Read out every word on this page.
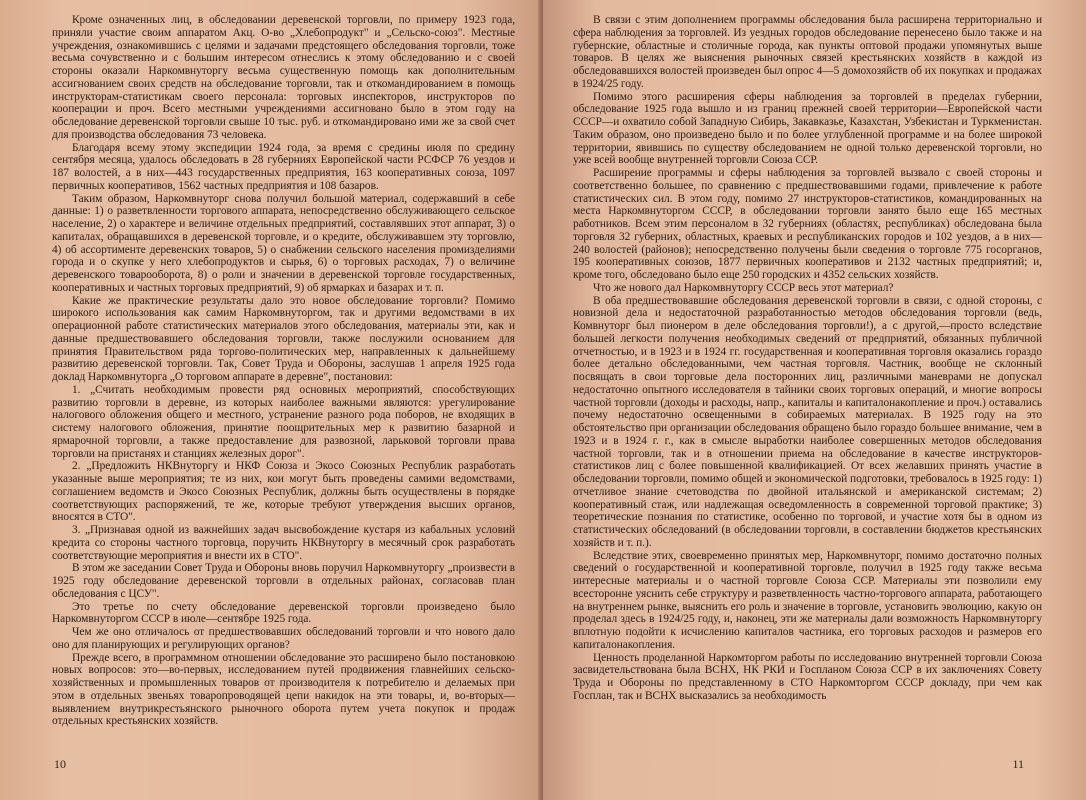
Кроме означенных лиц, в обследовании деревенской торговли, по примеру 1923 года, приняли участие своим аппаратом Акц. О-во „Хлебопродукт" и „Сельско-союз". Местные учреждения, ознакомившись с целями и задачами предстоящего обследования торговли, тоже весьма сочувственно и с большим интересом отнеслись к этому обследованию и с своей стороны оказали Наркомвнуторгу весьма существенную помощь как дополнительным ассигнованием своих средств на обследование торговли, так и откомандированием в помощь инструкторам-статистикам своего персонала: торговых инспекторов, инструкторов по кооперации и проч. Всего местными учреждениями ассигновано было в этом году на обследование деревенской торговли свыше 10 тыс. руб. и откомандировано ими же за свой счет для производства обследования 73 человека.

Благодаря всему этому экспедиции 1924 года, за время с средины июля по средину сентября месяца, удалось обследовать в 28 губерниях Европейской части РСФСР 76 уездов и 187 волостей, а в них—443 государственных предприятия, 163 кооперативных союза, 1097 первичных кооперативов, 1562 частных предприятия и 108 базаров.

Таким образом, Наркомвнуторг снова получил большой материал, содержавший в себе данные: 1) о разветвленности торгового аппарата, непосредственно обслуживающего сельское население, 2) о характере и величине отдельных предприятий, составлявших этот аппарат, 3) о капиталах, обращавшихся в деревенской торговле, и о кредите, обслуживавшем эту торговлю, 4) об ассортименте деревенских товаров, 5) о снабжении сельского населения промизделиями города и о скупке у него хлебопродуктов и сырья, 6) о торговых расходах, 7) о величине деревенского товарооборота, 8) о роли и значении в деревенской торговле государственных, кооперативных и частных торговых предприятий, 9) об ярмарках и базарах и т. п.

Какие же практические результаты дало это новое обследование торговли? Помимо широкого использования как самим Наркомвнуторгом, так и другими ведомствами в их операционной работе статистических материалов этого обследования, материалы эти, как и данные предшествовавшего обследования торговли, также послужили основанием для принятия Правительством ряда торгово-политических мер, направленных к дальнейшему развитию деревенской торговли. Так, Совет Труда и Обороны, заслушав 1 апреля 1925 года доклад Наркомвнуторга „О торговом аппарате в деревне", постановил:

1. „Считать необходимым провести ряд основных мероприятий, способствующих развитию торговли в деревне, из которых наиболее важными являются: урегулирование налогового обложения общего и местного, устранение разного рода поборов, не входящих в систему налогового обложения, принятие поощрительных мер к развитию базарной и ярмарочной торговли, а также предоставление для развозной, ларьковой торговли права торговли на пристанях и станциях железных дорог".

2. „Предложить НКВнуторгу и НКФ Союза и Экосо Союзных Республик разработать указанные выше мероприятия; те из них, кои могут быть проведены самими ведомствами, соглашением ведомств и Экосо Союзных Республик, должны быть осуществлены в порядке соответствующих распоряжений, те же, которые требуют утверждения высших органов, вносятся в СТО".

3. „Признавая одной из важнейших задач высвобождение кустаря из кабальных условий кредита со стороны частного торговца, поручить НКВнуторгу в месячный срок разработать соответствующие мероприятия и внести их в СТО".

В этом же заседании Совет Труда и Обороны вновь поручил Наркомвнуторгу „произвести в 1925 году обследование деревенской торговли в отдельных районах, согласовав план обследования с ЦСУ".

Это третье по счету обследование деревенской торговли произведено было Наркомвнуторгом СССР в июле—сентябре 1925 года.

Чем же оно отличалось от предшествовавших обследований торговли и что нового дало оно для планирующих и регулирующих органов?

Прежде всего, в программном отношении обследование это расширено было постановкою новых вопросов: это—во-первых, исследованием путей продвижения главнейших сельско-хозяйственных и промышленных товаров от производителя к потребителю и делаемых при этом в отдельных звеньях товаропроводящей цепи накидок на эти товары, и, во-вторых—выявлением внутрикрестьянского рыночного оборота путем учета покупок и продаж отдельных крестьянских хозяйств.

10

В связи с этим дополнением программы обследования была расширена территориально и сфера наблюдения за торговлей. Из уездных городов обследование перенесено было также и на губернские, областные и столичные города, как пункты оптовой продажи упомянутых выше товаров. В целях же выяснения рыночных связей крестьянских хозяйств в каждой из обследовавшихся волостей произведен был опрос 4—5 домохозяйств об их покупках и продажах в 1924/25 году.

Помимо этого расширения сферы наблюдения за торговлей в пределах губернии, обследование 1925 года вышло и из границ прежней своей территории—Европейской части СССР—и охватило собой Западную Сибирь, Закавказье, Казахстан, Узбекистан и Туркменистан. Таким образом, оно произведено было и по более углубленной программе и на более широкой территории, явившись по существу обследованием не одной только деревенской торговли, но уже всей вообще внутренней торговли Союза ССР.

Расширение программы и сферы наблюдения за торговлей вызвало с своей стороны и соответственно большее, по сравнению с предшествовавшими годами, привлечение к работе статистических сил. В этом году, помимо 27 инструкторов-статистиков, командированных на места Наркомвнуторгом СССР, в обследовании торговли занято было еще 165 местных работников. Всем этим персоналом в 32 губерниях (областях, республиках) обследована была торговля 32 губерних, областных, краевых и республиканских городов и 102 уездов, а в них—240 волостей (районов); непосредственно получены были сведения о торговле 775 госорганов, 195 кооперативных союзов, 1877 первичных кооперативов и 2132 частных предприятий; и, кроме того, обследовано было еще 250 городских и 4352 сельских хозяйств.

Что же нового дал Наркомвнуторгу СССР весь этот материал?

В оба предшествовавшие обследования деревенской торговли в связи, с одной стороны, с новизной дела и недостаточной разработанностью методов обследования торговли (ведь, Комвнуторг был пионером в деле обследования торговли!), а с другой,—просто вследствие большей легкости получения необходимых сведений от предприятий, обязанных публичной отчетностью, и в 1923 и в 1924 гг. государственная и кооперативная торговля оказались гораздо более детально обследованными, чем частная торговля. Частник, вообще не склонный посвящать в свои торговые дела посторонних лиц, различными маневрами не допускал недостаточно опытного исследователя в тайники своих торговых операций, и многие вопросы частной торговли (доходы и расходы, напр., капиталы и капиталонакопление и проч.) оставались почему недостаточно освещенными в собираемых материалах. В 1925 году на это обстоятельство при организации обследования обращено было гораздо большее внимание, чем в 1923 и в 1924 г. г., как в смысле выработки наиболее совершенных методов обследования частной торговли, так и в отношении приема на обследование в качестве инструкторов-статистиков лиц с более повышенной квалификацией. От всех желавших принять участие в обследовании торговли, помимо общей и экономической подготовки, требовалось в 1925 году: 1) отчетливое знание счетоводства по двойной итальянской и американской системам; 2) кооперативный стаж, или надлежащая осведомленность в современной торговой практике; 3) теоретические познания по статистике, особенно по торговой, и участие хотя бы в одном из статистических обследований (в обследовании торговли, в составлении бюджетов крестьянских хозяйств и т. п.).

Вследствие этих, своевременно принятых мер, Наркомвнуторг, помимо достаточно полных сведений о государственной и кооперативной торговле, получил в 1925 году также весьма интересные материалы и о частной торговле Союза ССР. Материалы эти позволили ему всесторонне уяснить себе структуру и разветвленность частно-торгового аппарата, работающего на внутреннем рынке, выяснить его роль и значение в торговле, установить эволюцию, какую он проделал здесь в 1924/25 году, и, наконец, эти же материалы дали возможность Наркомвнуторгу вплотную подойти к исчислению капиталов частника, его торговых расходов и размеров его капиталонакопления.

Ценность проделанной Наркомторгом работы по исследованию внутренней торговли Союза засвидетельствована была ВСНХ, НК РКИ и Госпланом Союза ССР в их заключениях Совету Труда и Обороны по представленному в СТО Наркомторгом СССР докладу, при чем как Госплан, так и ВСНХ высказались за необходимость

11
